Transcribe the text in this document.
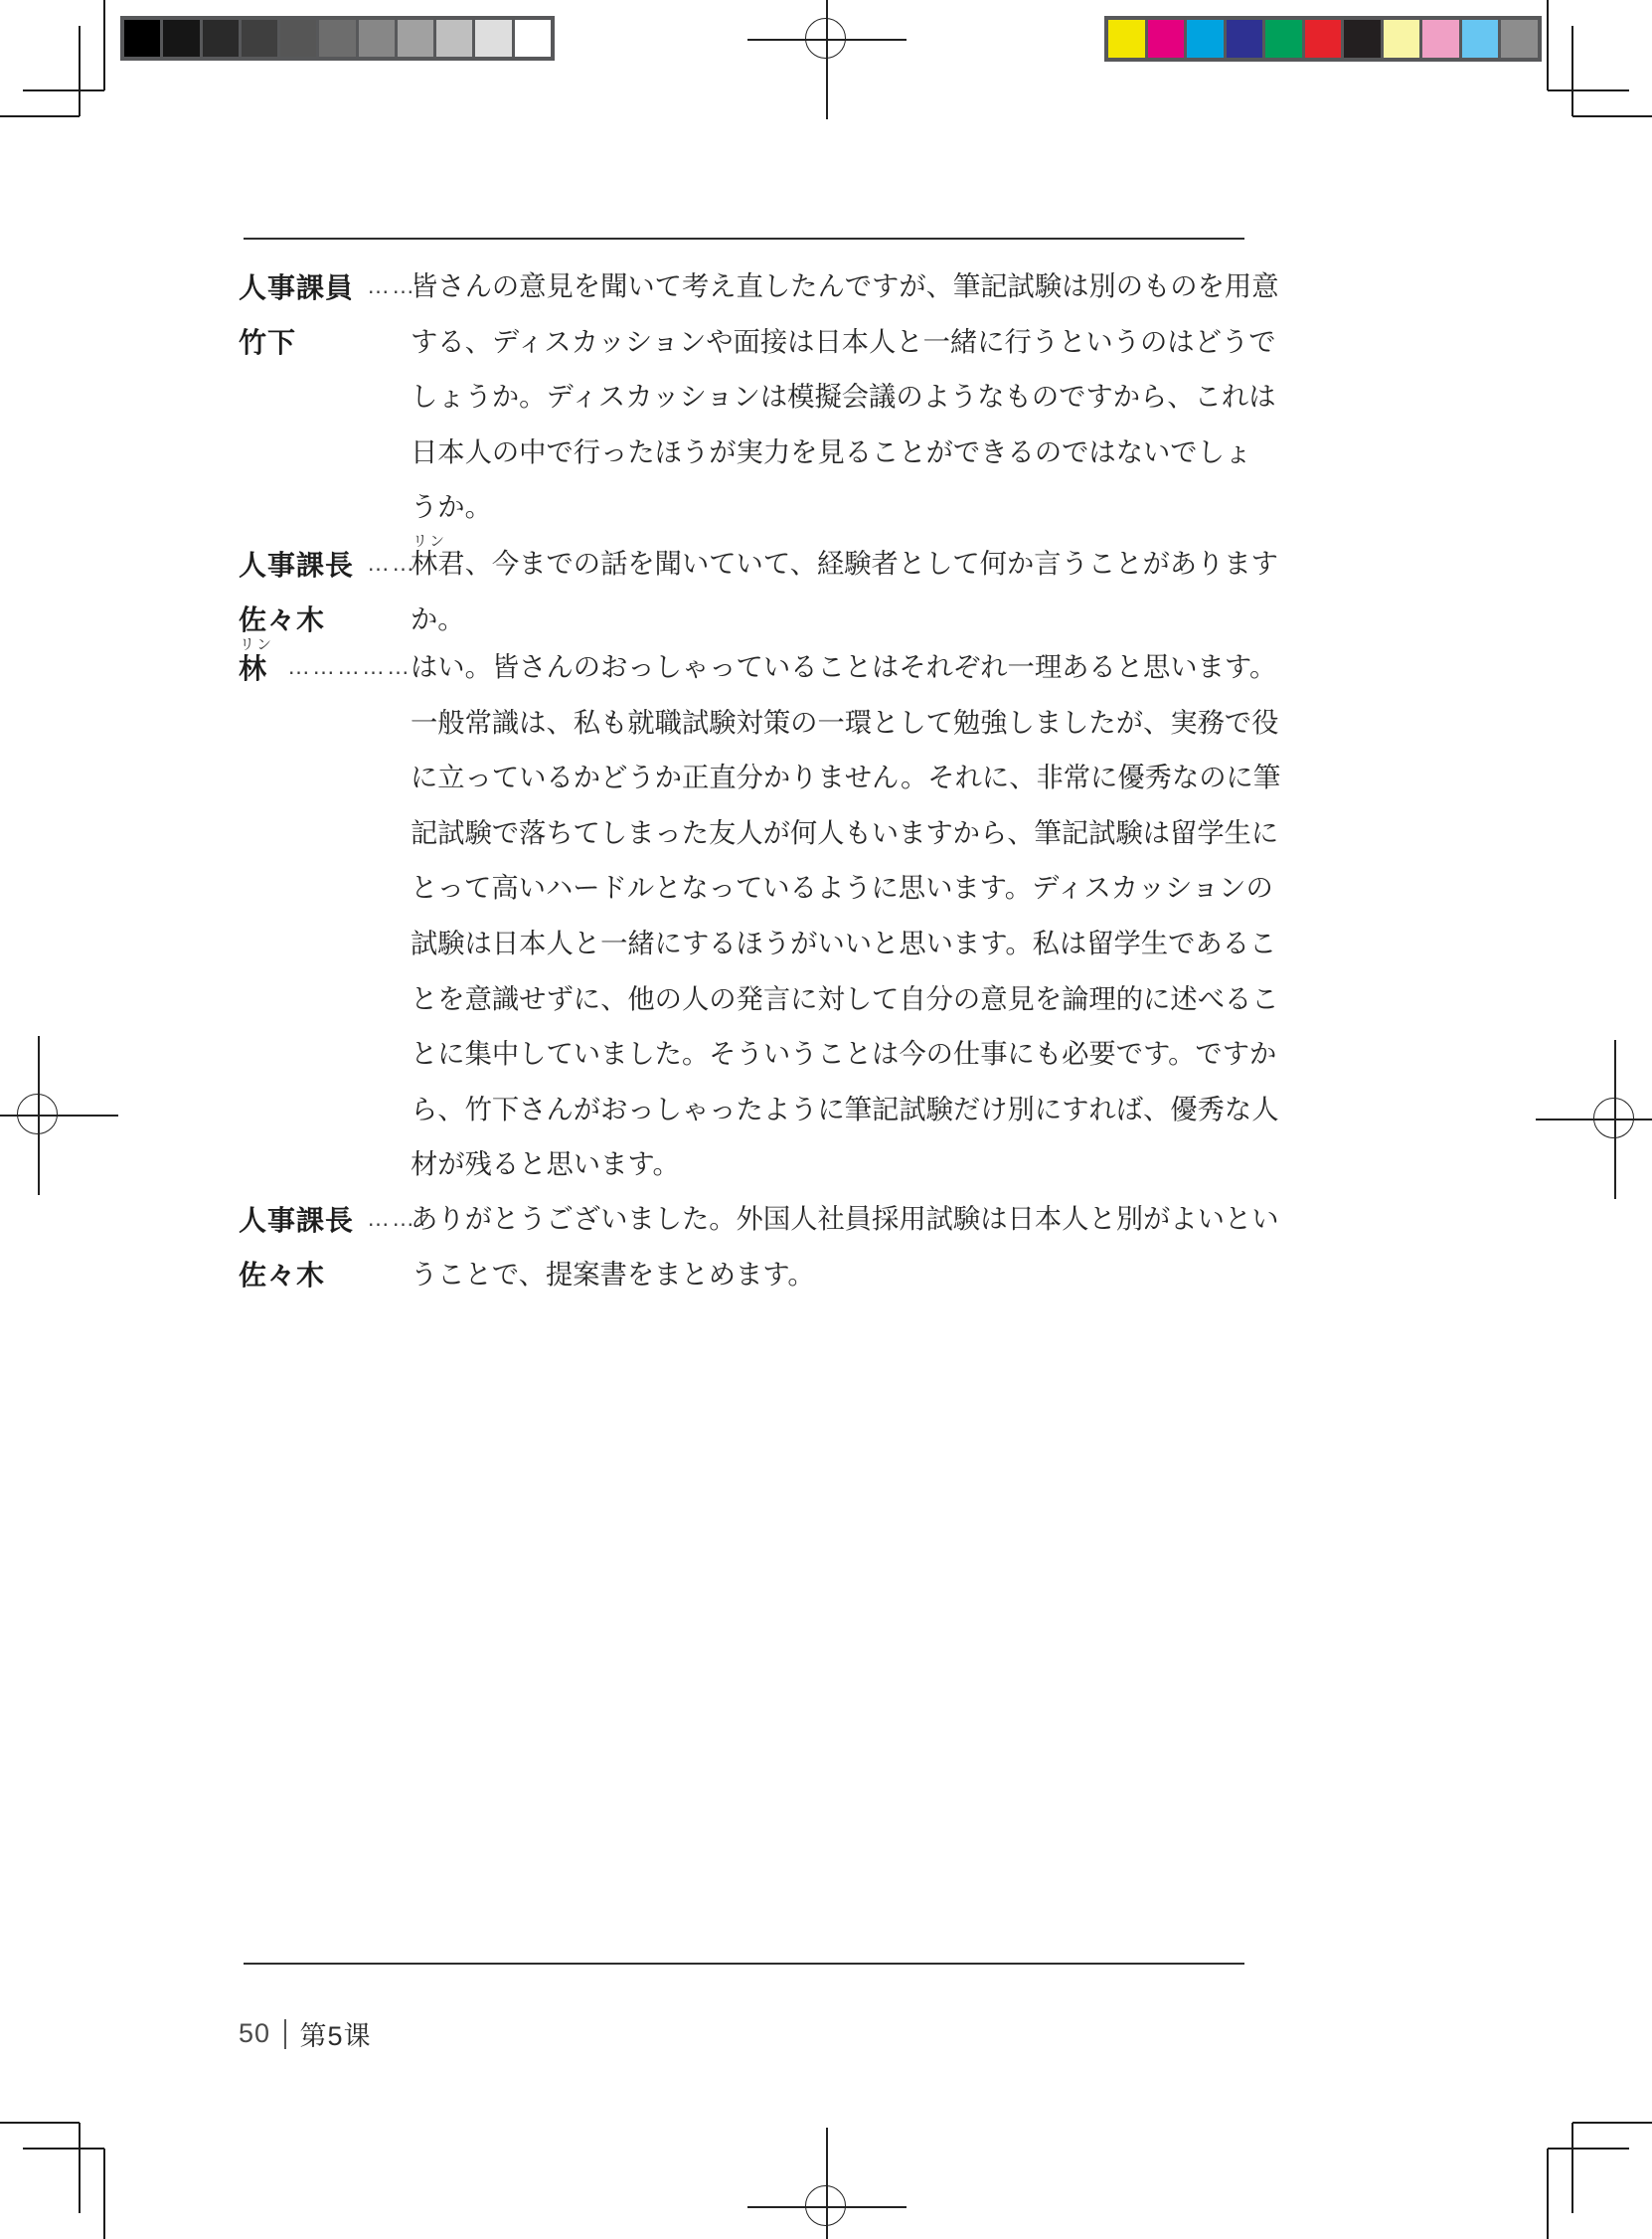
人事課員 ……
竹下
皆さんの意見を聞いて考え直したんですが、筆記試験は別のものを用意
する、ディスカッションや面接は日本人と一緒に行うというのはどうで
しょうか。ディスカッションは模擬会議のようなものですから、これは
日本人の中で行ったほうが実力を見ることができるのではないでしょ
うか。
リン
人事課長 ……
佐々木
林君、今までの話を聞いていて、経験者として何か言うことがあります
か。
リン
林 ……………
はい。皆さんのおっしゃっていることはそれぞれ一理あると思います。
一般常識は、私も就職試験対策の一環として勉強しましたが、実務で役
に立っているかどうか正直分かりません。それに、非常に優秀なのに筆
記試験で落ちてしまった友人が何人もいますから、筆記試験は留学生に
とって高いハードルとなっているように思います。ディスカッションの
試験は日本人と一緒にするほうがいいと思います。私は留学生であるこ
とを意識せずに、他の人の発言に対して自分の意見を論理的に述べるこ
とに集中していました。そういうことは今の仕事にも必要です。ですか
ら、竹下さんがおっしゃったように筆記試験だけ別にすれば、優秀な人
材が残ると思います。
人事課長 ……
佐々木
ありがとうございました。外国人社員採用試験は日本人と別がよいとい
うことで、提案書をまとめます。
50 第5课
